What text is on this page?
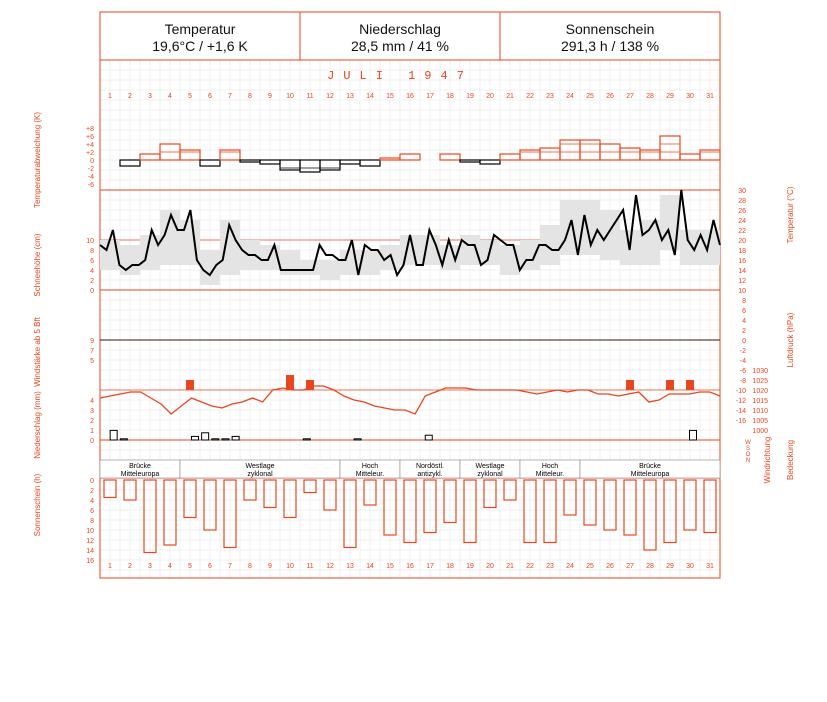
Temperatur
19,6°C / +1,6 K
Niederschlag
28,5 mm / 41 %
Sonnenschein
291,3 h / 138 %
1
1
2
2
3
3
4
4
5
5
6
6
7
7
8
8
9
9
10
10
11
11
12
12
13
13
14
14
15
15
16
16
17
17
18
18
19
19
20
20
21
21
22
22
23
23
24
24
25
25
26
26
27
27
28
28
29
29
30
30
31
31
+8
+6
+4
+2
0
-2
-4
-6
30
28
26
24
22
20
18
16
14
12
10
8
6
4
2
0
-2
-4
-6
-8
-10
-12
-14
-16
10
8
6
4
2
0
1030
1025
1020
1015
1010
1005
1000
9
7
5
4
3
2
1
0
Brücke
Mitteleuropa
Westlage
zyklonal
Hoch
Mitteleur.
Nordöstl.
antizykl.
Westlage
zyklonal
Hoch
Mitteleur.
Brücke
Mitteleuropa
0
2
4
6
8
10
12
14
16
N
O
S
W
Temperaturabweichung (K)
Schneehöhe (cm)
Windstärke ab 5 Bft
Niederschlag (mm)
Sonnenschein (h)
Temperatur (°C)
Luftdruck (hPa)
Windrichtung Bedeckung
JULI 1947
